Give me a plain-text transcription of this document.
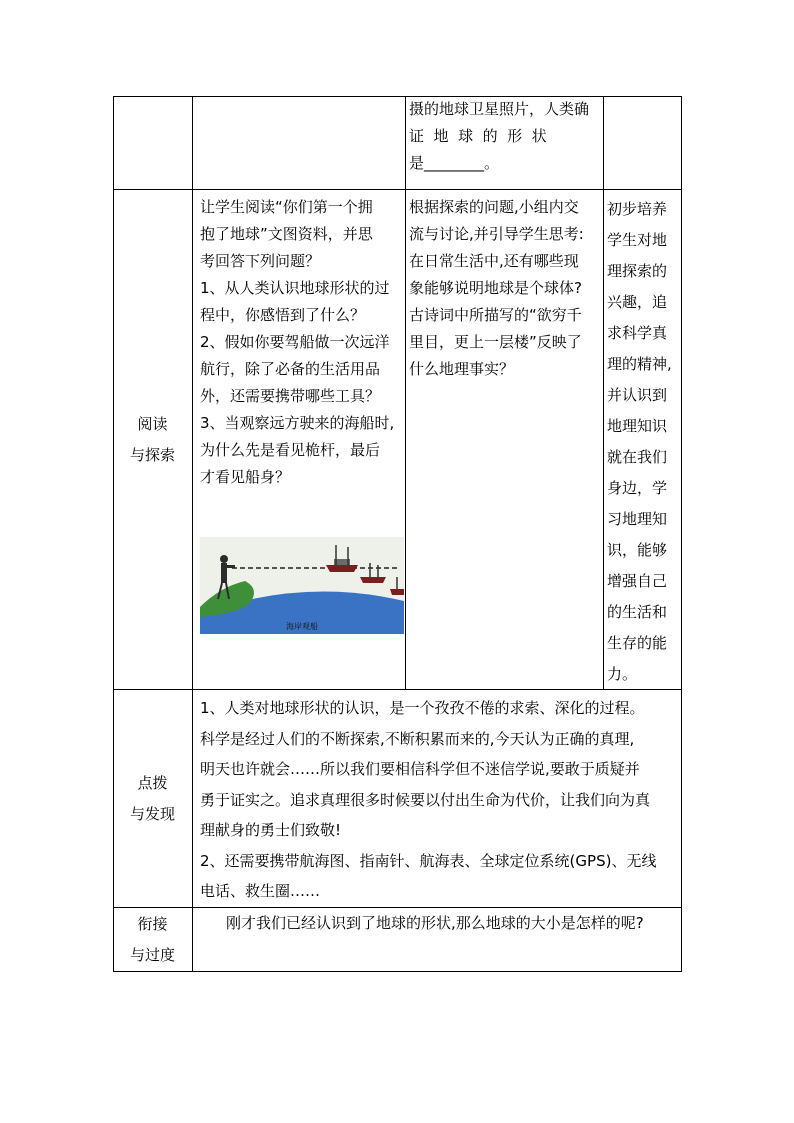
摄的地球卫星照片，人类确

证  地  球  的  形  状

是________。

阅读
与探索

让学生阅读“你们第一个拥

抱了地球”文图资料，并思

考回答下列问题？

1、从人类认识地球形状的过

程中，你感悟到了什么？

2、假如你要驾船做一次远洋

航行，除了必备的生活用品

外，还需要携带哪些工具？

3、当观察远方驶来的海船时,

为什么先是看见桅杆，最后

才看见船身？

海岸观船

根据探索的问题,小组内交

流与讨论,并引导学生思考:

在日常生活中,还有哪些现

象能够说明地球是个球体?

古诗词中所描写的“欲穷千

里目，更上一层楼”反映了

什么地理事实？

初步培养

学生对地

理探索的

兴趣，追

求科学真

理的精神,

并认识到

地理知识

就在我们

身边，学

习地理知

识，能够

增强自己

的生活和

生存的能

力。

点拨
与发现

1、人类对地球形状的认识，是一个孜孜不倦的求索、深化的过程。

科学是经过人们的不断探索,不断积累而来的,今天认为正确的真理,

明天也许就会……所以我们要相信科学但不迷信学说,要敢于质疑并

勇于证实之。追求真理很多时候要以付出生命为代价，让我们向为真

理献身的勇士们致敬!

2、还需要携带航海图、指南针、航海表、全球定位系统(GPS)、无线

电话、救生圈……

衔接
与过度

刚才我们已经认识到了地球的形状,那么地球的大小是怎样的呢?
